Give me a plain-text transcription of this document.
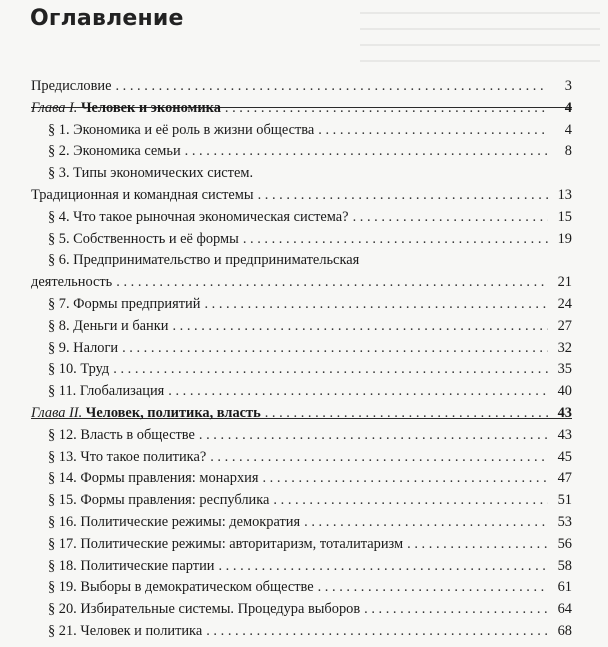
Оглавление
Предисловие . . .	3
Глава I. Человек и экономика . . .	4
§ 1. Экономика и её роль в жизни общества . . .	4
§ 2. Экономика семьи . . .	8
§ 3. Типы экономических систем.
Традиционная и командная системы . . .	13
§ 4. Что такое рыночная экономическая система? . . .	15
§ 5. Собственность и её формы . . .	19
§ 6. Предпринимательство и предпринимательская
деятельность . . .	21
§ 7. Формы предприятий . . .	24
§ 8. Деньги и банки . . .	27
§ 9. Налоги . . .	32
§ 10. Труд . . .	35
§ 11. Глобализация . . .	40
Глава II. Человек, политика, власть . . .	43
§ 12. Власть в обществе . . .	43
§ 13. Что такое политика? . . .	45
§ 14. Формы правления: монархия . . .	47
§ 15. Формы правления: республика . . .	51
§ 16. Политические режимы: демократия . . .	53
§ 17. Политические режимы: авторитаризм, тоталитаризм . . .	56
§ 18. Политические партии . . .	58
§ 19. Выборы в демократическом обществе . . .	61
§ 20. Избирательные системы. Процедура выборов . . .	64
§ 21. Человек и политика . . .	68
